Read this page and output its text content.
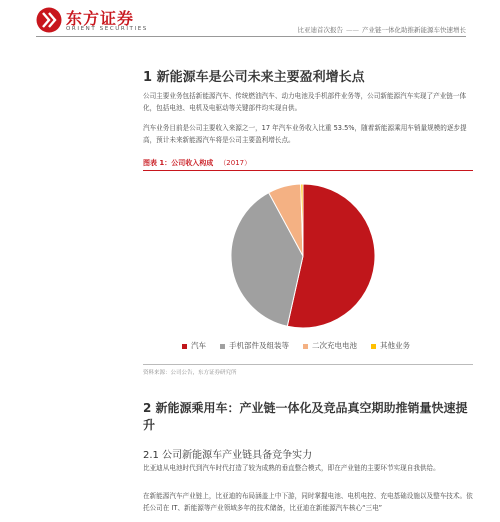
东方证券
ORIENT SECURITIES	比亚迪首次报告 —— 产业链一体化助推新能源车快速增长
1 新能源车是公司未来主要盈利增长点
公司主要业务包括新能源汽车、传统燃油汽车、动力电池及手机部件业务等，公司新能源汽车实现了产业链一体化，包括电池、电机及电驱动等关键部件均实现自供。
汽车业务目前是公司主要收入来源之一，17 年汽车业务收入比重 53.5%，随着新能源乘用车销量规模的逐步提高，预计未来新能源汽车将是公司主要盈利增长点。
图表 1：公司收入构成 （2017）
汽车	手机部件及组装等	二次充电电池	其他业务
资料来源：公司公告，东方证券研究所
2 新能源乘用车：产业链一体化及竞品真空期助推销量快速提升
2.1 公司新能源车产业链具备竞争实力
比亚迪从电池时代到汽车时代打造了较为成熟的垂直整合模式，即在产业链的主要环节实现自我供给。
在新能源汽车产业链上，比亚迪的布局涵盖上中下游，同时掌握电池、电机电控、充电基础设施以及整车技术。依托公司在 IT、新能源等产业领域多年的技术储备，比亚迪在新能源汽车核心“三电”
